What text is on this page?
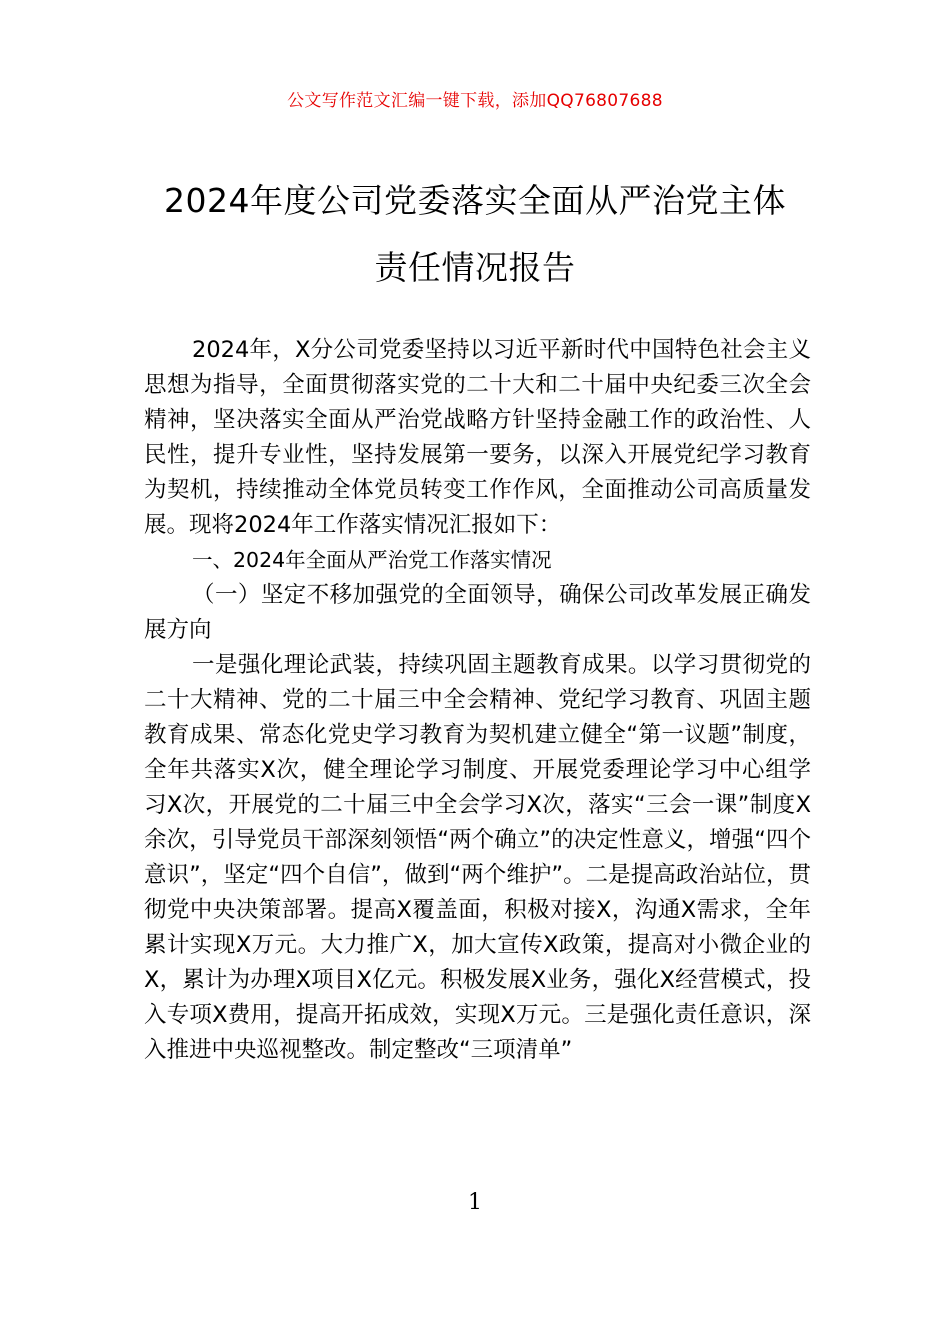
公文写作范文汇编一键下载，添加QQ76807688
2024年度公司党委落实全面从严治党主体
责任情况报告

2024年，X分公司党委坚持以习近平新时代中国特色社会主义思想为指导，全面贯彻落实党的二十大和二十届中央纪委三次全会精神，坚决落实全面从严治党战略方针坚持金融工作的政治性、人民性，提升专业性，坚持发展第一要务，以深入开展党纪学习教育为契机，持续推动全体党员转变工作作风，全面推动公司高质量发展。现将2024年工作落实情况汇报如下：

一、2024年全面从严治党工作落实情况

（一）坚定不移加强党的全面领导，确保公司改革发展正确发展方向

一是强化理论武装，持续巩固主题教育成果。以学习贯彻党的二十大精神、党的二十届三中全会精神、党纪学习教育、巩固主题教育成果、常态化党史学习教育为契机建立健全“第一议题”制度，全年共落实X次，健全理论学习制度、开展党委理论学习中心组学习X次，开展党的二十届三中全会学习X次，落实“三会一课”制度X余次，引导党员干部深刻领悟“两个确立”的决定性意义，增强“四个意识”，坚定“四个自信”，做到“两个维护”。二是提高政治站位，贯彻党中央决策部署。提高X覆盖面，积极对接X，沟通X需求，全年累计实现X万元。大力推广X，加大宣传X政策，提高对小微企业的X，累计为办理X项目X亿元。积极发展X业务，强化X经营模式，投入专项X费用，提高开拓成效，实现X万元。三是强化责任意识，深入推进中央巡视整改。制定整改“三项清单”

1
